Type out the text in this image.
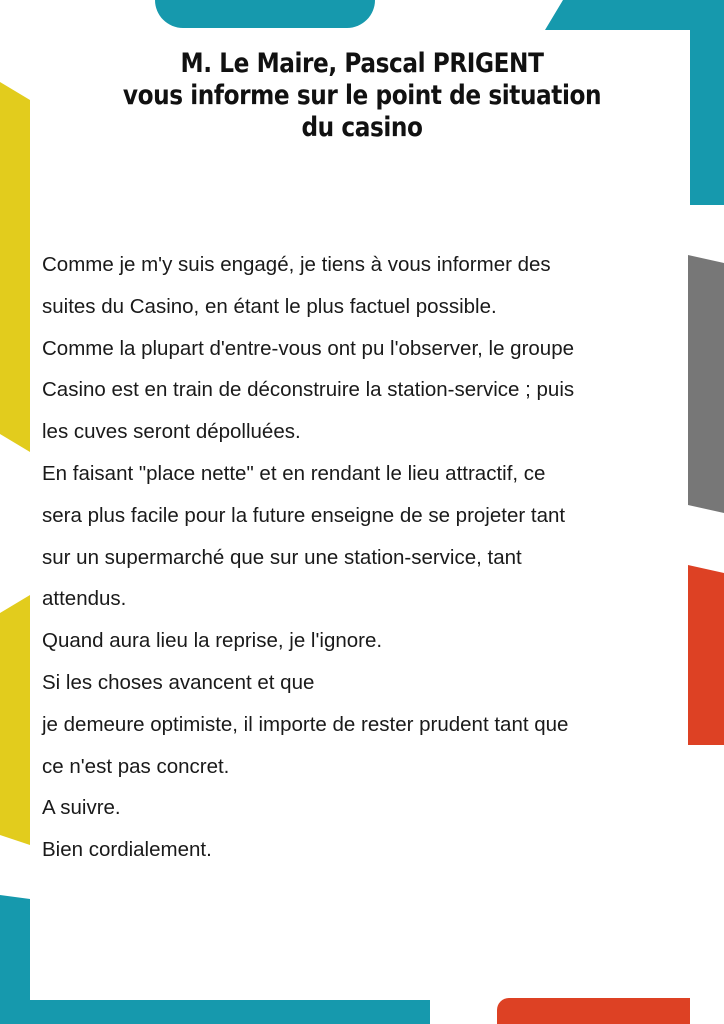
M. Le Maire, Pascal PRIGENT
vous informe sur le point de situation
du casino
Comme je m'y suis engagé, je tiens à vous informer des
suites du Casino, en étant le plus factuel possible.
Comme la plupart d'entre-vous ont pu l'observer, le groupe
Casino est en train de déconstruire la station-service ; puis
les cuves seront dépolluées.
En faisant "place nette" et en rendant le lieu attractif, ce
sera plus facile pour la future enseigne de se projeter tant
sur un supermarché que sur une station-service, tant
attendus.
Quand aura lieu la reprise, je l'ignore.
Si les choses avancent et que
je demeure optimiste, il importe de rester prudent tant que
ce n'est pas concret.
A suivre.
Bien cordialement.
